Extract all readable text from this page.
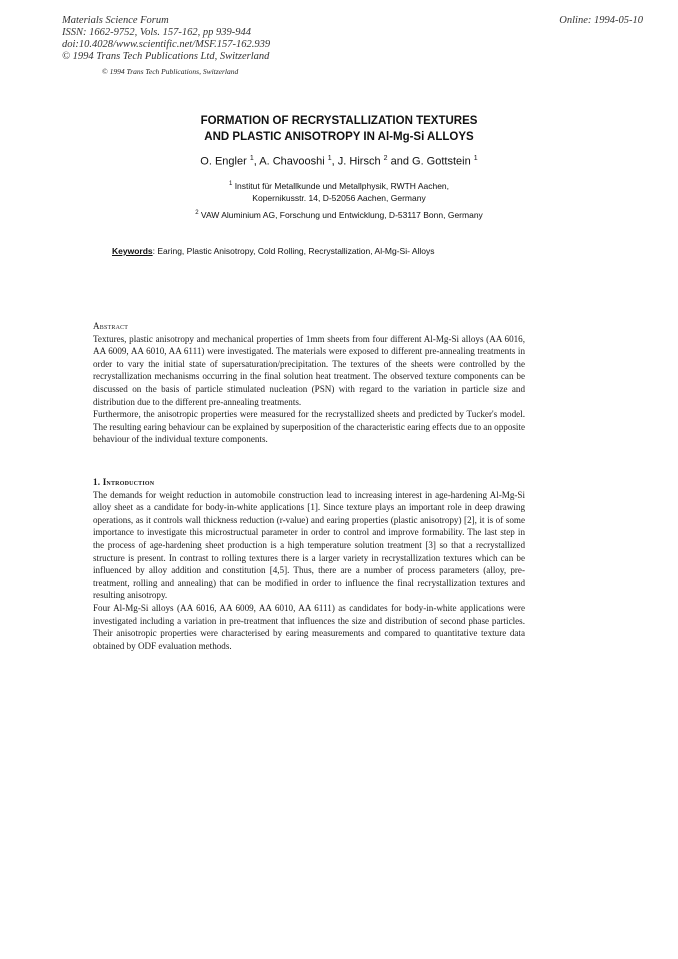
Materials Science Forum
ISSN: 1662-9752, Vols. 157-162, pp 939-944
doi:10.4028/www.scientific.net/MSF.157-162.939
© 1994 Trans Tech Publications Ltd, Switzerland
Online: 1994-05-10
© 1994 Trans Tech Publications, Switzerland
FORMATION OF RECRYSTALLIZATION TEXTURES
AND PLASTIC ANISOTROPY IN Al-Mg-Si ALLOYS
O. Engler $^1$, A. Chavooshi $^1$, J. Hirsch $^2$ and G. Gottstein $^1$
$^1$ Institut für Metallkunde und Metallphysik, RWTH Aachen,
Kopernikusstr. 14, D-52056 Aachen, Germany
$^2$ VAW Aluminium AG, Forschung und Entwicklung, D-53117 Bonn, Germany
Keywords: Earing, Plastic Anisotropy, Cold Rolling, Recrystallization, Al-Mg-Si- Alloys
Abstract

Textures, plastic anisotropy and mechanical properties of 1mm sheets from four different Al-Mg-Si alloys (AA 6016, AA 6009, AA 6010, AA 6111) were investigated. The materials were exposed to different pre-annealing treatments in order to vary the initial state of supersaturation/precipitation. The textures of the sheets were controlled by the recrystallization mechanisms occurring in the final solution heat treatment. The observed texture components can be discussed on the basis of particle stimulated nucleation (PSN) with regard to the variation in particle size and distribution due to the different pre-annealing treatments.

Furthermore, the anisotropic properties were measured for the recrystallized sheets and predicted by Tucker's model. The resulting earing behaviour can be explained by superposition of the characteristic earing effects due to an opposite behaviour of the individual texture components.

1. Introduction

The demands for weight reduction in automobile construction lead to increasing interest in age-hardening Al-Mg-Si alloy sheet as a candidate for body-in-white applications [1]. Since texture plays an important role in deep drawing operations, as it controls wall thickness reduction (r-value) and earing properties (plastic anisotropy) [2], it is of some importance to investigate this microstructual parameter in order to control and improve formability. The last step in the process of age-hardening sheet production is a high temperature solution treatment [3] so that a recrystallized structure is present. In contrast to rolling textures there is a larger variety in recrystallization textures which can be influenced by alloy addition and constitution [4,5]. Thus, there are a number of process parameters (alloy, pre-treatment, rolling and annealing) that can be modified in order to influence the final recrystallization textures and resulting anisotropy.

Four Al-Mg-Si alloys (AA 6016, AA 6009, AA 6010, AA 6111) as candidates for body-in-white applications were investigated including a variation in pre-treatment that influences the size and distribution of second phase particles. Their anisotropic properties were characterised by earing measurements and compared to quantitative texture data obtained by ODF evaluation methods.
